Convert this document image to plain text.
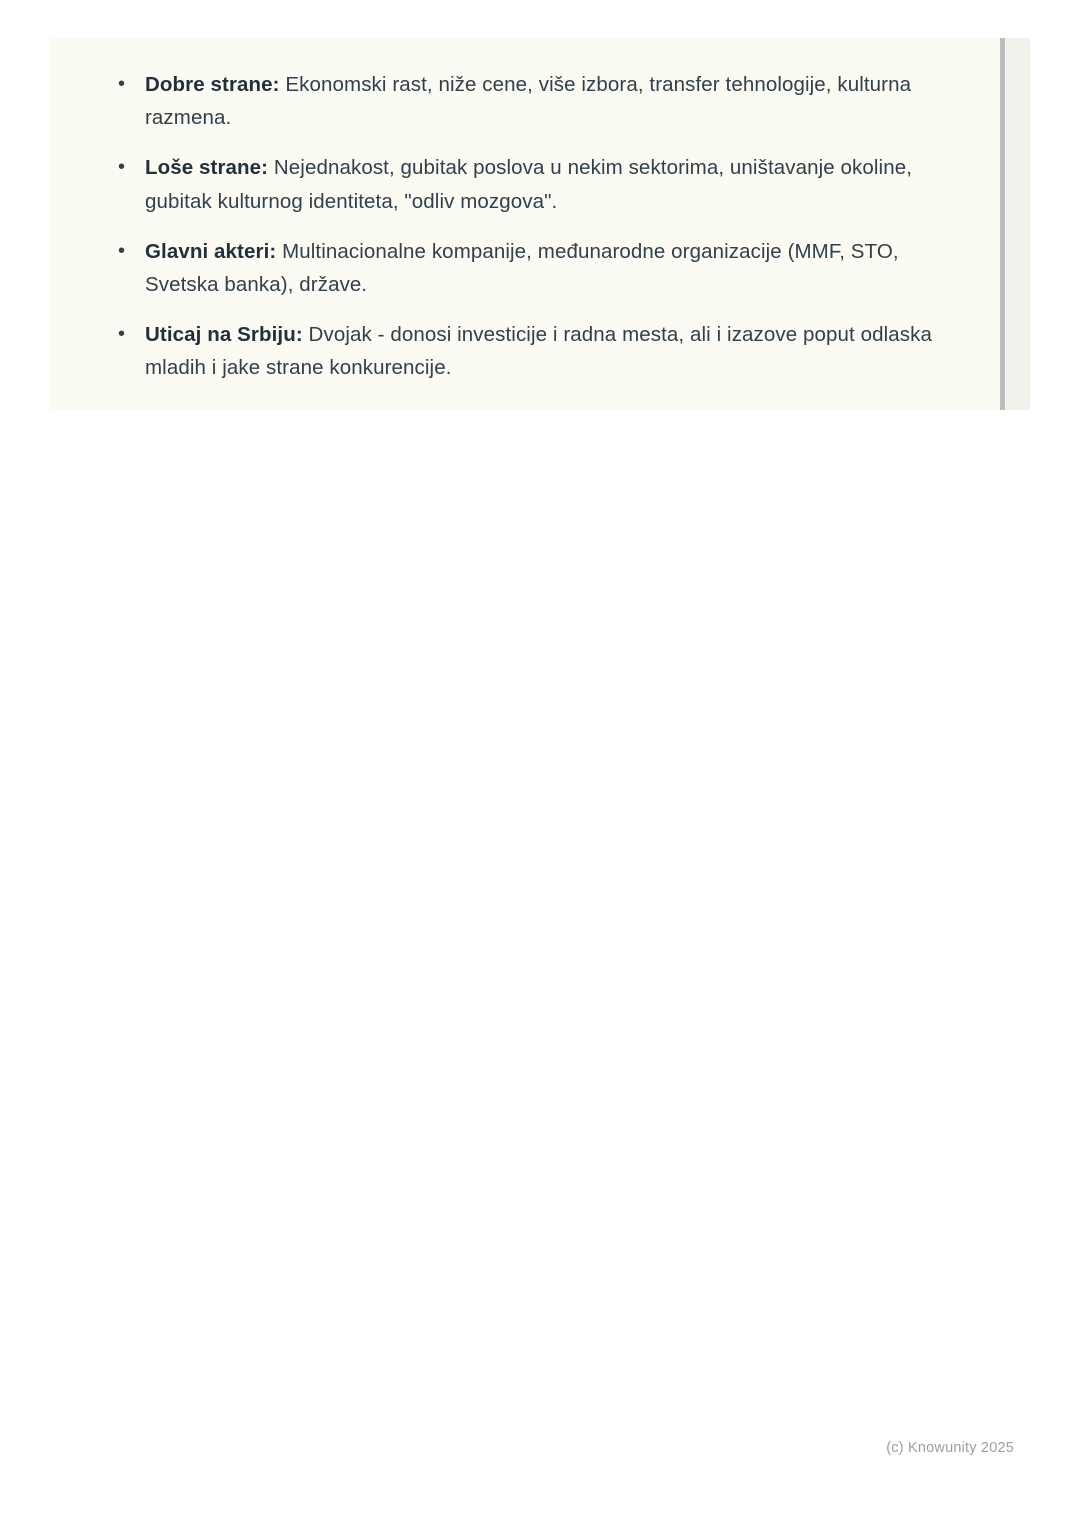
• Dobre strane: Ekonomski rast, niže cene, više izbora, transfer tehnologije, kulturna razmena.
• Loše strane: Nejednakost, gubitak poslova u nekim sektorima, uništavanje okoline, gubitak kulturnog identiteta, "odliv mozgova".
• Glavni akteri: Multinacionalne kompanije, međunarodne organizacije (MMF, STO, Svetska banka), države.
• Uticaj na Srbiju: Dvojak - donosi investicije i radna mesta, ali i izazove poput odlaska mladih i jake strane konkurencije.
(c) Knowunity 2025
